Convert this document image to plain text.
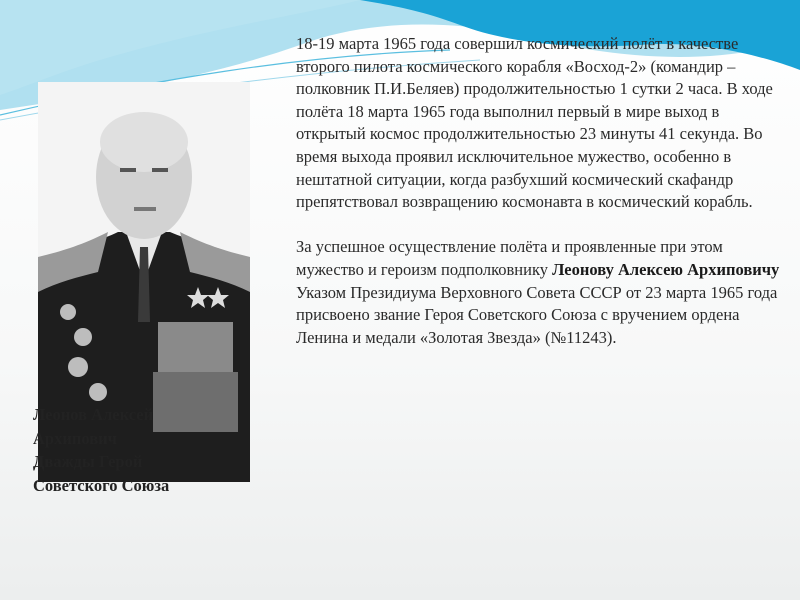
Леонов Алексей
Архипович
Дважды Герой
Советского Союза

18-19 марта 1965 года совершил космический полёт в качестве второго пилота космического корабля «Восход-2» (командир – полковник П.И.Беляев) продолжительностью 1 сутки 2 часа. В ходе полёта 18 марта 1965 года выполнил первый в мире выход в открытый космос продолжительностью 23 минуты 41 секунда. Во время выхода проявил исключительное мужество, особенно в нештатной ситуации, когда разбухший космический скафандр препятствовал возвращению космонавта в космический корабль.

За успешное осуществление полёта и проявленные при этом мужество и героизм подполковнику Леонову Алексею Архиповичу Указом Президиума Верховного Совета СССР от 23 марта 1965 года присвоено звание Героя Советского Союза с вручением ордена Ленина и медали «Золотая Звезда» (№11243).
